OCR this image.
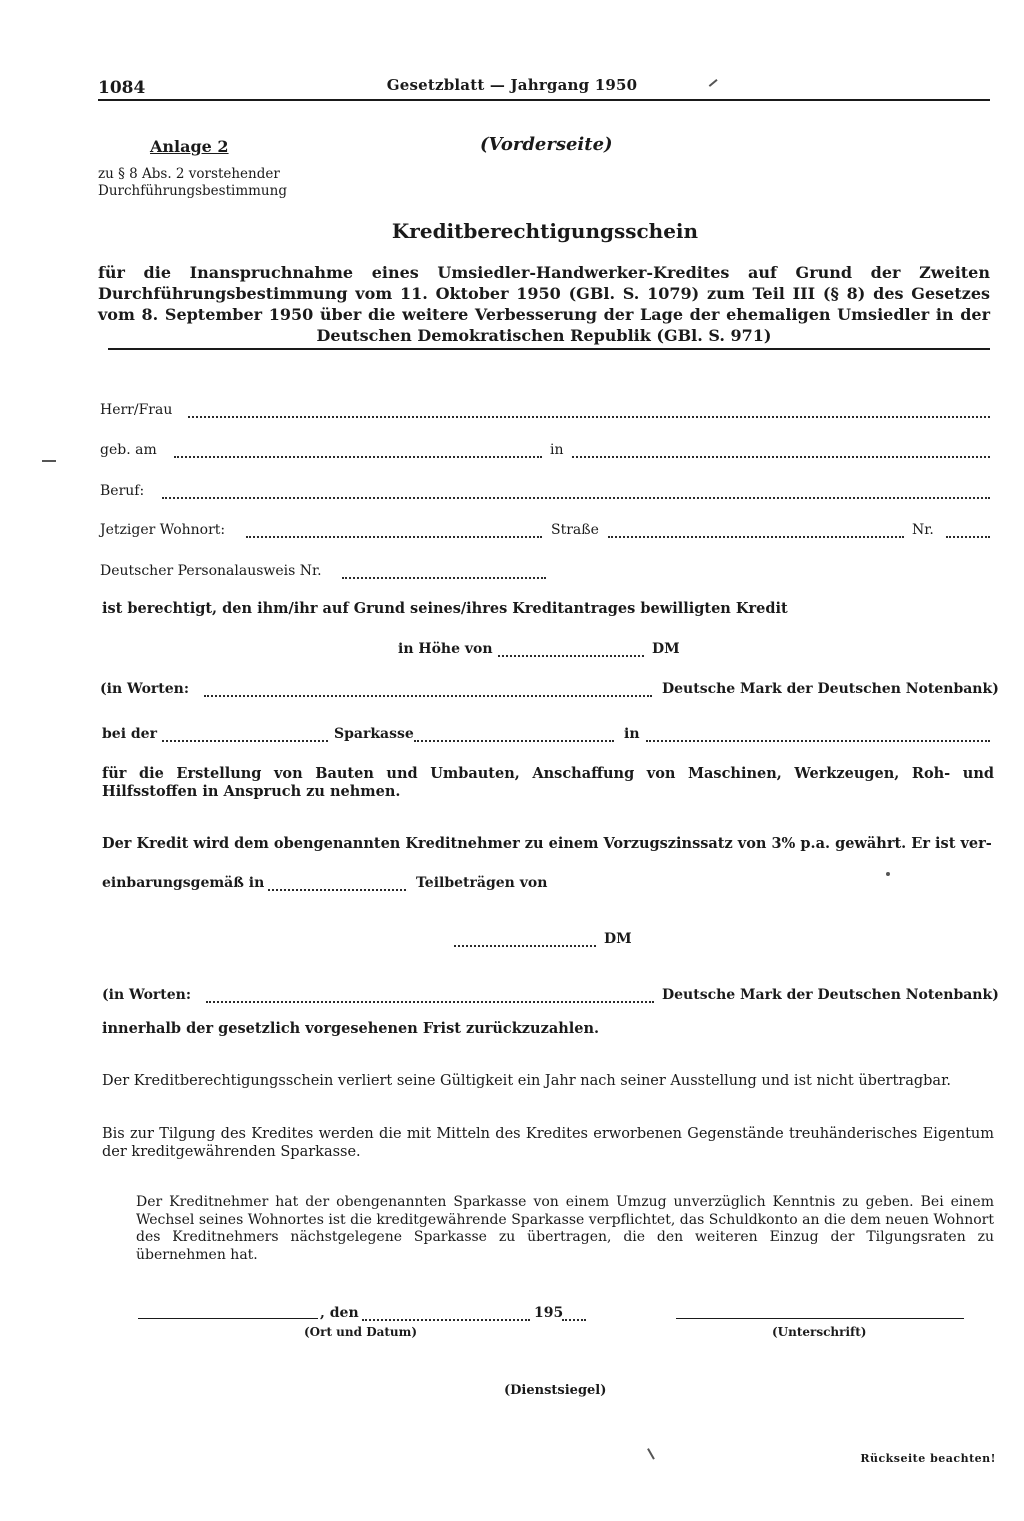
1084	Gesetzblatt — Jahrgang 1950
Anlage 2
zu § 8 Abs. 2 vorstehender
Durchführungsbestimmung
(Vorderseite)
Kreditberechtigungsschein
für die Inanspruchnahme eines Umsiedler-Handwerker-Kredites auf Grund der Zweiten Durchführungsbestimmung vom 11. Oktober 1950 (GBl. S. 1079) zum Teil III (§ 8) des Gesetzes vom 8. September 1950 über die weitere Verbesserung der Lage der ehemaligen Umsiedler in der Deutschen Demokratischen Republik (GBl. S. 971)
Herr/Frau
geb. am	in
Beruf:
Jetziger Wohnort:	Straße	Nr.
Deutscher Personalausweis Nr.
ist berechtigt, den ihm/ihr auf Grund seines/ihres Kreditantrages bewilligten Kredit
in Höhe von	DM
(in Worten:	Deutsche Mark der Deutschen Notenbank)
bei der	Sparkasse	in
für die Erstellung von Bauten und Umbauten, Anschaffung von Maschinen, Werkzeugen, Roh- und Hilfsstoffen in Anspruch zu nehmen.
Der Kredit wird dem obengenannten Kreditnehmer zu einem Vorzugszinssatz von 3% p.a. gewährt. Er ist ver-
einbarungsgemäß in	Teilbeträgen von
DM
(in Worten:	Deutsche Mark der Deutschen Notenbank)
innerhalb der gesetzlich vorgesehenen Frist zurückzuzahlen.
Der Kreditberechtigungsschein verliert seine Gültigkeit ein Jahr nach seiner Ausstellung und ist nicht übertragbar.
Bis zur Tilgung des Kredites werden die mit Mitteln des Kredites erworbenen Gegenstände treuhänderisches Eigentum der kreditgewährenden Sparkasse.
Der Kreditnehmer hat der obengenannten Sparkasse von einem Umzug unverzüglich Kenntnis zu geben. Bei einem Wechsel seines Wohnortes ist die kreditgewährende Sparkasse verpflichtet, das Schuldkonto an die dem neuen Wohnort des Kreditnehmers nächstgelegene Sparkasse zu übertragen, die den weiteren Einzug der Tilgungsraten zu übernehmen hat.
, den	195
(Ort und Datum)	(Unterschrift)
(Dienstsiegel)
Rückseite beachten!
